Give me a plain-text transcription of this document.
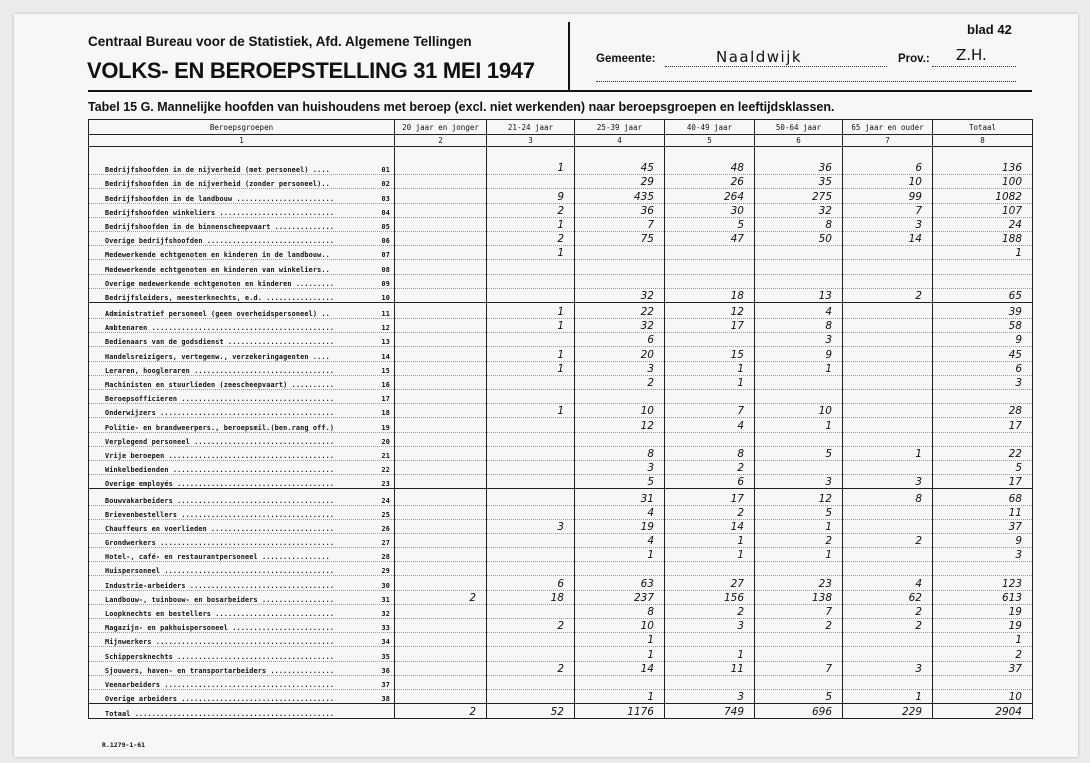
Centraal Bureau voor de Statistiek, Afd. Algemene Tellingen
VOLKS- EN BEROEPSTELLING 31 MEI 1947
blad 42
Gemeente:	Naaldwijk	Prov.: Z.H.
Tabel 15 G. Mannelijke hoofden van huishoudens met beroep (excl. niet werkenden) naar beroepsgroepen en leeftijdsklassen.
Beroepsgroepen	20 jaar en jonger	21-24 jaar	25-39 jaar	40-49 jaar	50-64 jaar	65 jaar en ouder	Totaal
1	2	3	4	5	6	7	8

Bedrijfshoofden in de nijverheid (met personeel) .... 01		1	45	48	36	6	136

Bedrijfshoofden in de nijverheid (zonder personeel).. 02			29	26	35	10	100

Bedrijfshoofden in de landbouw ....................... 03		9	435	264	275	99	1082

Bedrijfshoofden winkeliers ........................... 04		2	36	30	32	7	107

Bedrijfshoofden in de binnenscheepvaart .............. 05		1	7	5	8	3	24

Overige bedrijfshoofden .............................. 06		2	75	47	50	14	188

Medewerkende echtgenoten en kinderen in de landbouw.. 07		1					1

Medewerkende echtgenoten en kinderen van winkeliers.. 08							

Overige medewerkende echtgenoten en kinderen ......... 09							

Bedrijfsleiders, meesterknechts, e.d. ................ 10			32	18	13	2	65

Administratief personeel (geen overheidspersoneel) .. 11		1	22	12	4		39

Ambtenaren ........................................... 12		1	32	17	8		58

Bedienaars van de godsdienst ......................... 13			6		3		9

Handelsreizigers, vertegenw., verzekeringagenten .... 14		1	20	15	9		45

Leraren, hoogleraren ................................. 15		1	3	1	1		6

Machinisten en stuurlieden (zeescheepvaart) .......... 16			2	1			3

Beroepsofficieren .................................... 17							

Onderwijzers ......................................... 18		1	10	7	10		28

Politie- en brandweerpers., beroepsmil.(ben.rang off.) 19			12	4	1		17

Verplegend personeel ................................. 20							

Vrije beroepen ....................................... 21			8	8	5	1	22

Winkelbedienden ...................................... 22			3	2			5

Overige employés ..................................... 23			5	6	3	3	17

Bouwvakarbeiders ..................................... 24			31	17	12	8	68

Brievenbestellers .................................... 25			4	2	5		11

Chauffeurs en voerlieden ............................. 26		3	19	14	1		37

Grondwerkers ......................................... 27			4	1	2	2	9

Hotel-, café- en restaurantpersoneel ................ 28			1	1	1		3

Huispersoneel ........................................ 29							

Industrie-arbeiders .................................. 30		6	63	27	23	4	123

Landbouw-, tuinbouw- en bosarbeiders ................. 31	2	18	237	156	138	62	613

Loopknechts en bestellers ............................ 32			8	2	7	2	19

Magazijn- en pakhuispersoneel ........................ 33		2	10	3	2	2	19

Mijnwerkers .......................................... 34			1				1

Schippersknechts ..................................... 35			1	1			2

Sjouwers, haven- en transportarbeiders ............... 36		2	14	11	7	3	37

Veenarbeiders ........................................ 37							

Overige arbeiders .................................... 38			1	3	5	1	10

Totaal ...............................................	2	52	1176	749	696	229	2904
R.1279-1-61
